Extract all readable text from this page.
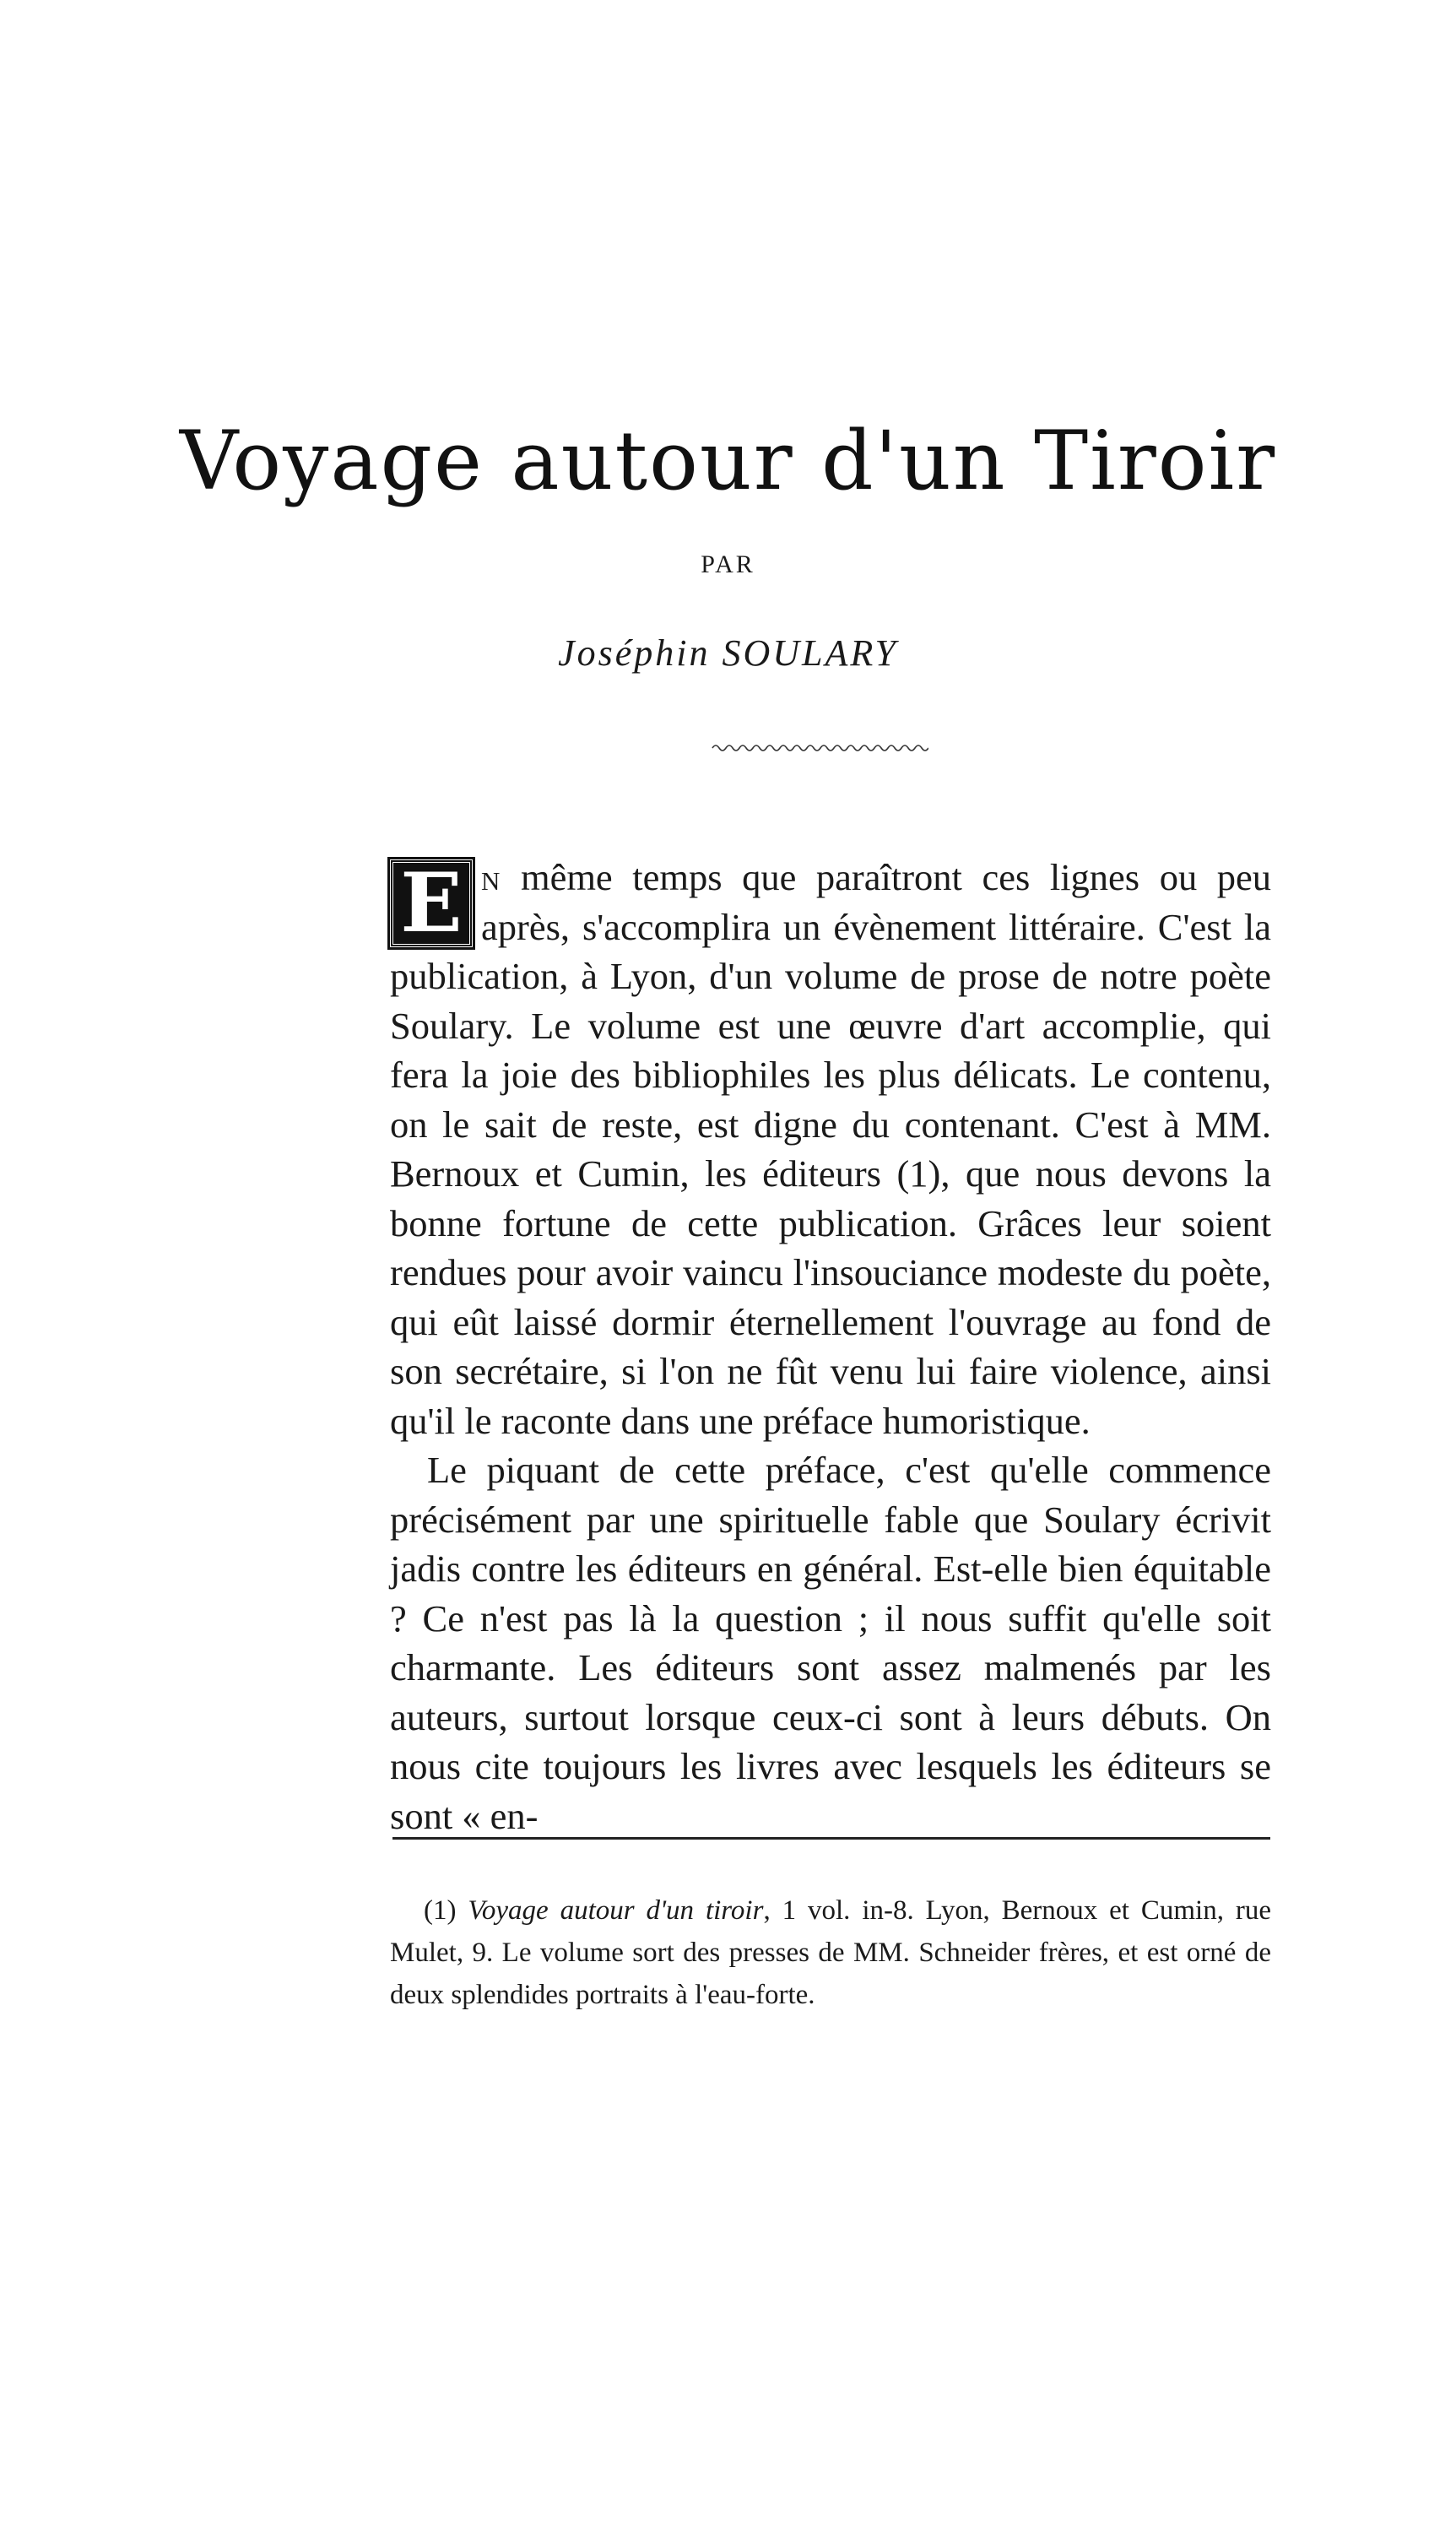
Voyage autour d'un Tiroir
PAR
Joséphin SOULARY

E n même temps que paraîtront ces lignes ou peu après, s'accomplira un évènement littéraire. C'est la publication, à Lyon, d'un volume de prose de notre poète Soulary. Le volume est une œuvre d'art accomplie, qui fera la joie des bibliophiles les plus délicats. Le contenu, on le sait de reste, est digne du contenant. C'est à MM. Bernoux et Cumin, les éditeurs (1), que nous devons la bonne fortune de cette publication. Grâces leur soient rendues pour avoir vaincu l'insouciance modeste du poète, qui eût laissé dormir éternellement l'ouvrage au fond de son secrétaire, si l'on ne fût venu lui faire violence, ainsi qu'il le raconte dans une préface humoristique.

Le piquant de cette préface, c'est qu'elle commence précisément par une spirituelle fable que Soulary écrivit jadis contre les éditeurs en général. Est-elle bien équitable ? Ce n'est pas là la question ; il nous suffit qu'elle soit charmante. Les éditeurs sont assez malmenés par les auteurs, surtout lorsque ceux-ci sont à leurs débuts. On nous cite toujours les livres avec lesquels les éditeurs se sont « en-

(1) Voyage autour d'un tiroir, 1 vol. in-8. Lyon, Bernoux et Cumin, rue Mulet, 9. Le volume sort des presses de MM. Schneider frères, et est orné de deux splendides portraits à l'eau-forte.
